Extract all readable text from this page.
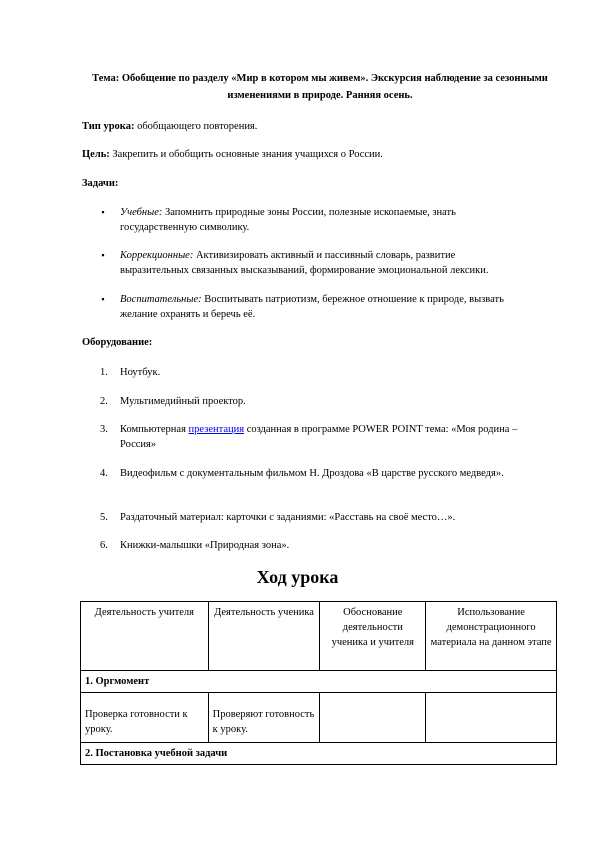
Тема: Обобщение по разделу «Мир в котором мы живем». Экскурсия наблюдение за сезонными изменениями в природе. Ранняя осень.
Тип урока: обобщающего повторения.
Цель: Закрепить и обобщить основные знания учащихся о России.
Задачи:
▪ Учебные: Запомнить природные зоны России, полезные ископаемые, знать государственную символику.
▪ Коррекционные: Активизировать активный и пассивный словарь, развитие выразительных связанных высказываний, формирование эмоциональной лексики.
▪ Воспитательные: Воспитывать патриотизм, бережное отношение к природе, вызвать желание охранять и беречь её.
Оборудование:
1.	Ноутбук.
2.	Мультимедийный проектор.
3.	Компьютерная презентация созданная в программе POWER POINT тема: «Моя родина – Россия»
4.	Видеофильм с документальным фильмом Н. Дроздова «В царстве русского медведя».
5.	Раздаточный материал: карточки с заданиями: «Расставь на своё место…».
6.	Книжки-малышки «Природная зона».
Ход урока
Деятельность учителя	Деятельность ученика	Обоснование деятельности ученика и учителя	Использование демонстрационного материала на данном этапе
1. Оргмомент			
Проверка готовности к уроку.	Проверяют готовность к уроку.		
2. Постановка учебной задачи			
